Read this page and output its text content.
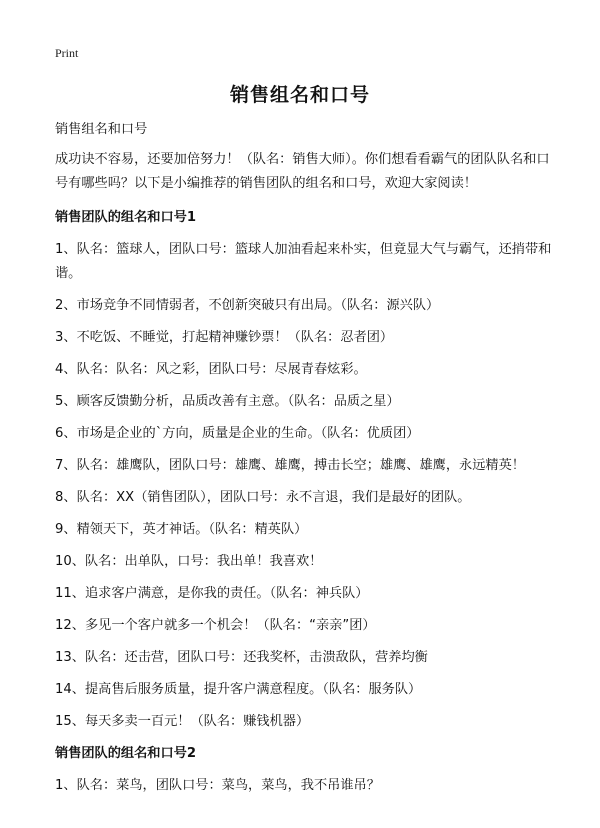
Print
销售组名和口号

销售组名和口号

成功诀不容易，还要加倍努力！（队名：销售大师）。你们想看看霸气的团队队名和口号有哪些吗？以下是小编推荐的销售团队的组名和口号，欢迎大家阅读！

销售团队的组名和口号1

1、队名：篮球人，团队口号：篮球人加油看起来朴实，但竟显大气与霸气，还捎带和谐。

2、市场竞争不同情弱者，不创新突破只有出局。（队名：源兴队）

3、不吃饭、不睡觉，打起精神赚钞票！（队名：忍者团）

4、队名：队名：风之彩，团队口号：尽展青春炫彩。

5、顾客反馈勤分析，品质改善有主意。（队名：品质之星）

6、市场是企业的`方向，质量是企业的生命。（队名：优质团）

7、队名：雄鹰队，团队口号：雄鹰、雄鹰，搏击长空；雄鹰、雄鹰，永远精英！

8、队名：XX（销售团队），团队口号：永不言退，我们是最好的团队。

9、精领天下，英才神话。（队名：精英队）

10、队名：出单队，口号：我出单！我喜欢！

11、追求客户满意，是你我的责任。（队名：神兵队）

12、多见一个客户就多一个机会！（队名：“亲亲”团）

13、队名：还击营，团队口号：还我奖杯，击溃敌队，营养均衡

14、提高售后服务质量，提升客户满意程度。（队名：服务队）

15、每天多卖一百元！（队名：赚钱机器）

销售团队的组名和口号2

1、队名：菜鸟，团队口号：菜鸟，菜鸟，我不吊谁吊？
